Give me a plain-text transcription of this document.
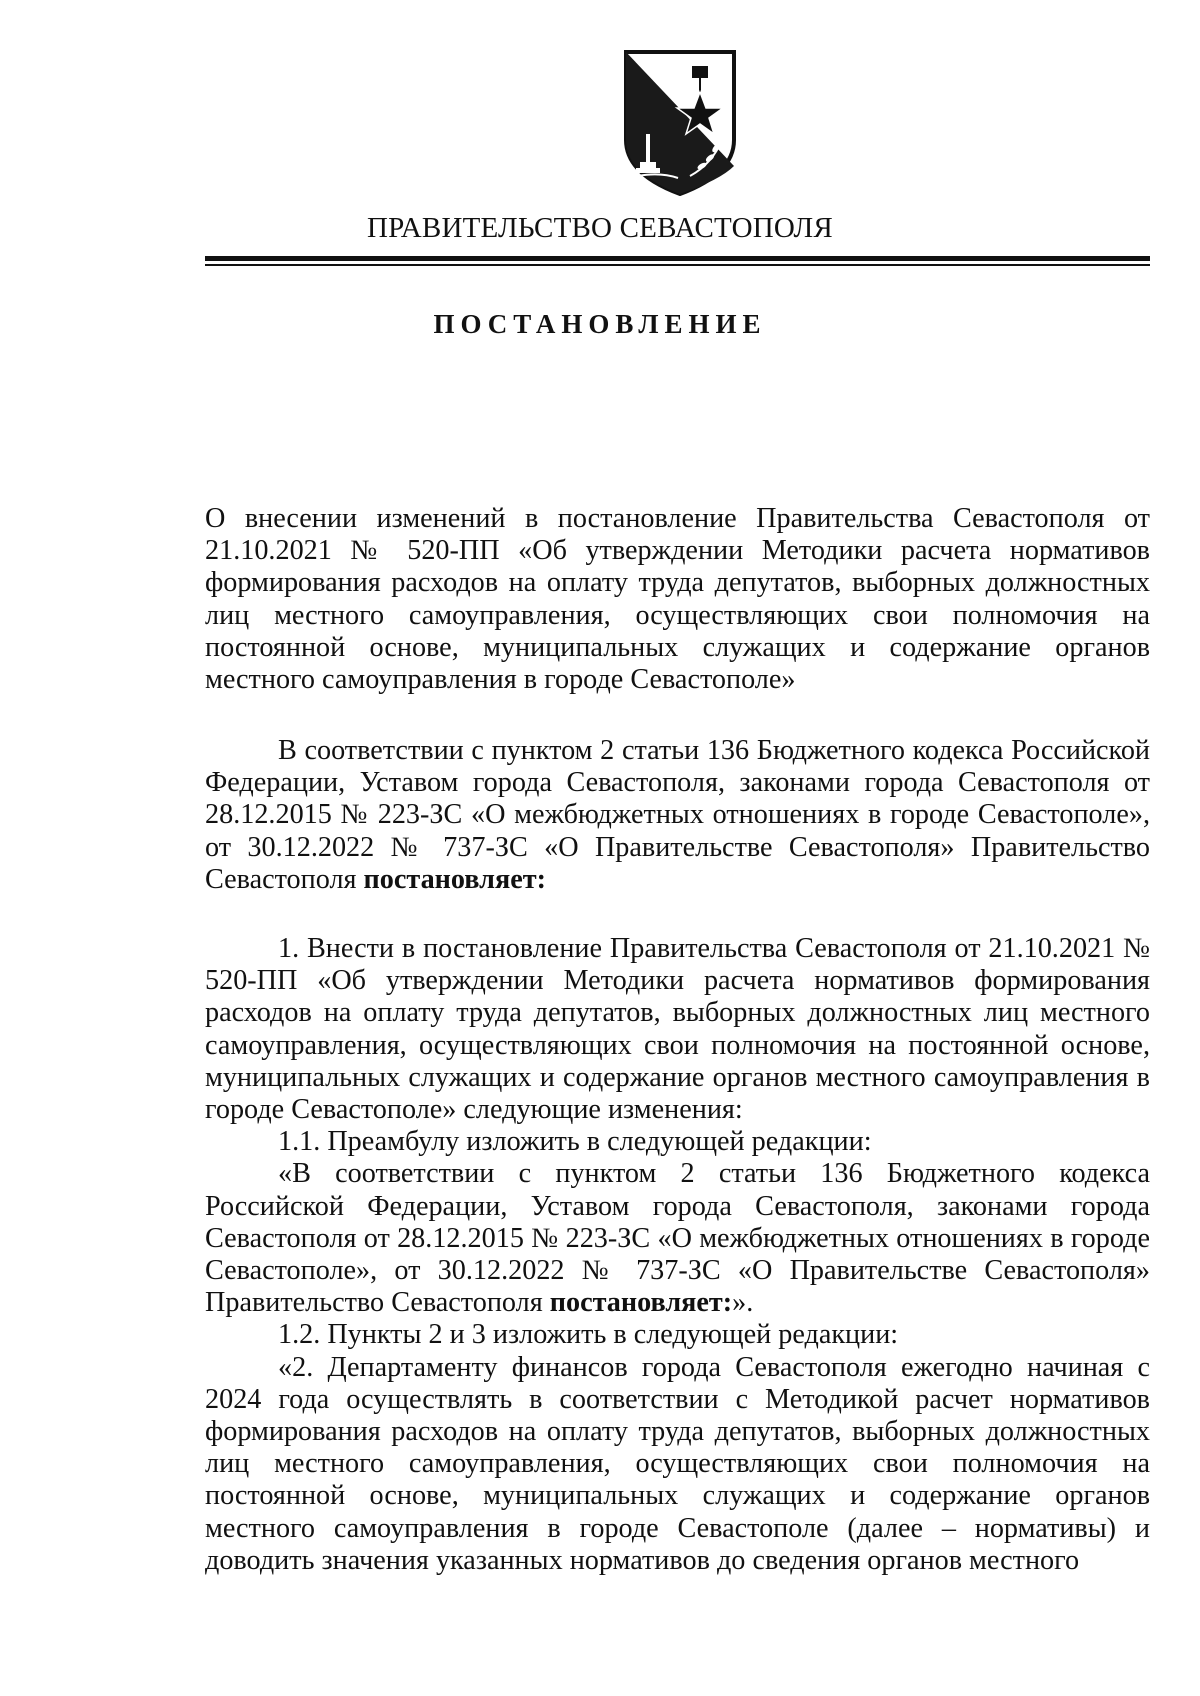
ПРАВИТЕЛЬСТВО СЕВАСТОПОЛЯ
ПОСТАНОВЛЕНИЕ

О внесении изменений в постановление Правительства Севастополя от 21.10.2021 № 520-ПП «Об утверждении Методики расчета нормативов формирования расходов на оплату труда депутатов, выборных должностных лиц местного самоуправления, осуществляющих свои полномочия на постоянной основе, муниципальных служащих и содержание органов местного самоуправления в городе Севастополе»

В соответствии с пунктом 2 статьи 136 Бюджетного кодекса Российской Федерации, Уставом города Севастополя, законами города Севастополя от 28.12.2015 № 223-ЗС «О межбюджетных отношениях в городе Севастополе», от 30.12.2022 № 737-ЗС «О Правительстве Севастополя» Правительство Севастополя постановляет:

1. Внести в постановление Правительства Севастополя от 21.10.2021 № 520-ПП «Об утверждении Методики расчета нормативов формирования расходов на оплату труда депутатов, выборных должностных лиц местного самоуправления, осуществляющих свои полномочия на постоянной основе, муниципальных служащих и содержание органов местного самоуправления в городе Севастополе» следующие изменения:

1.1. Преамбулу изложить в следующей редакции:

«В соответствии с пунктом 2 статьи 136 Бюджетного кодекса Российской Федерации, Уставом города Севастополя, законами города Севастополя от 28.12.2015 № 223-ЗС «О межбюджетных отношениях в городе Севастополе», от 30.12.2022 № 737-ЗС «О Правительстве Севастополя» Правительство Севастополя постановляет:».

1.2. Пункты 2 и 3 изложить в следующей редакции:

«2. Департаменту финансов города Севастополя ежегодно начиная с 2024 года осуществлять в соответствии с Методикой расчет нормативов формирования расходов на оплату труда депутатов, выборных должностных лиц местного самоуправления, осуществляющих свои полномочия на постоянной основе, муниципальных служащих и содержание органов местного самоуправления в городе Севастополе (далее – нормативы) и доводить значения указанных нормативов до сведения органов местного
